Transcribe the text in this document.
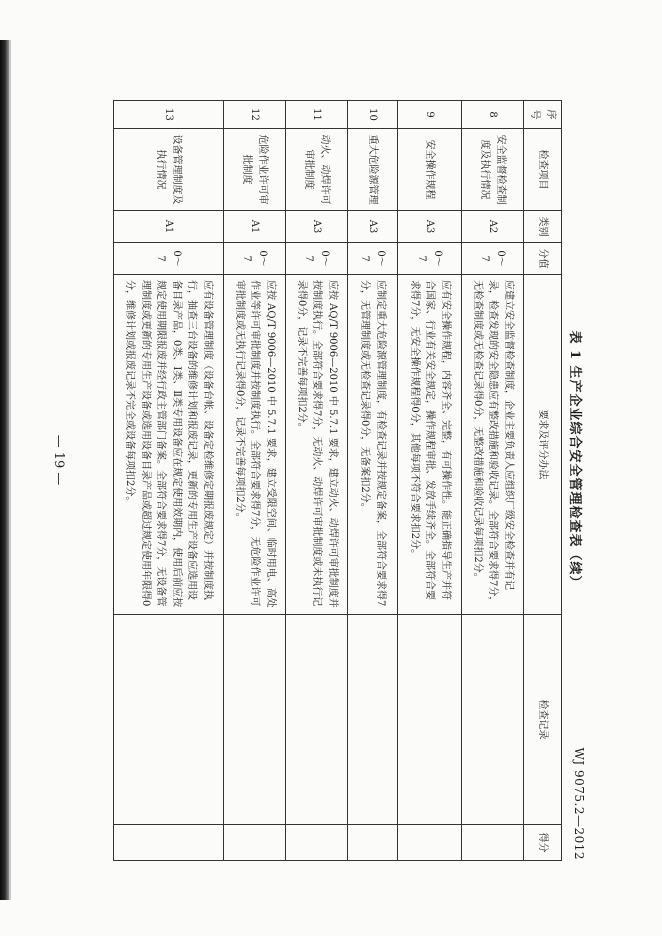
WJ 9075.2—2012
表 1 生产企业综合安全管理检查表（续）
序号	检查项目	类别	分值	要求及评分办法	检查记录	得分
8	安全监督检查制度及执行情况	A2	0～7	应建立安全监督检查制度，企业主要负责人应组织厂级安全检查并有记录，检查发现的安全隐患应有整改措施和验收记录。全部符合要求得7分，无检查制度或无检查记录得0分，无整改措施和验收记录每项扣2分。		
9	安全操作规程	A3	0～7	应有安全操作规程，内容齐全、完整，有可操作性。能正确指导生产并符合国家、行业有关安全规定，操作规程审批、发放手续齐全。全部符合要求得7分，无安全操作规程得0分，其他每项不符合要求扣2分。		
10	重大危险源管理	A3	0～7	应制定重大危险源管理制度，有检查记录并按规定备案，全部符合要求得7分，无管理制度或无检查记录得0分，无备案扣2分。		
11	动火、动焊许可审批制度	A3	0～7	应按 AQ/T 9006—2010 中 5.7.1 要求，建立动火、动焊许可审批制度并按制度执行。全部符合要求得7分，无动火、动焊许可审批制度或未执行记录得0分，记录不完善每项扣2分。		
12	危险作业许可审批制度	A1	0～7	应按 AQ/T 9006—2010 中 5.7.1 要求，建立受限空间、临时用电、高处作业等许可审批制度并按制度执行。全部符合要求得7分，无危险作业许可审批制度或无执行记录得0分，记录不完善每项扣2分。		
13	设备管理制度及执行情况	A1	0～7	应有设备管理制度（设备台帐、设备定检维修定期报废规定）并按制度执行，抽查三台设备的维修计划和报废记录，更新的专用生产设备应选用设备目录产品，0类、Ⅰ类、Ⅱ类专用设备应在规定使用效期内，使用后前应按规定使用期限报废并经行政主管部门备案。全部符合要求得7分，无设备管理制度或更新的专用生产设备或选用设备目录产品或超过规定使用年限得0分，维修计划或报废记录不完全或设备每项扣2分。		
— 19 —
